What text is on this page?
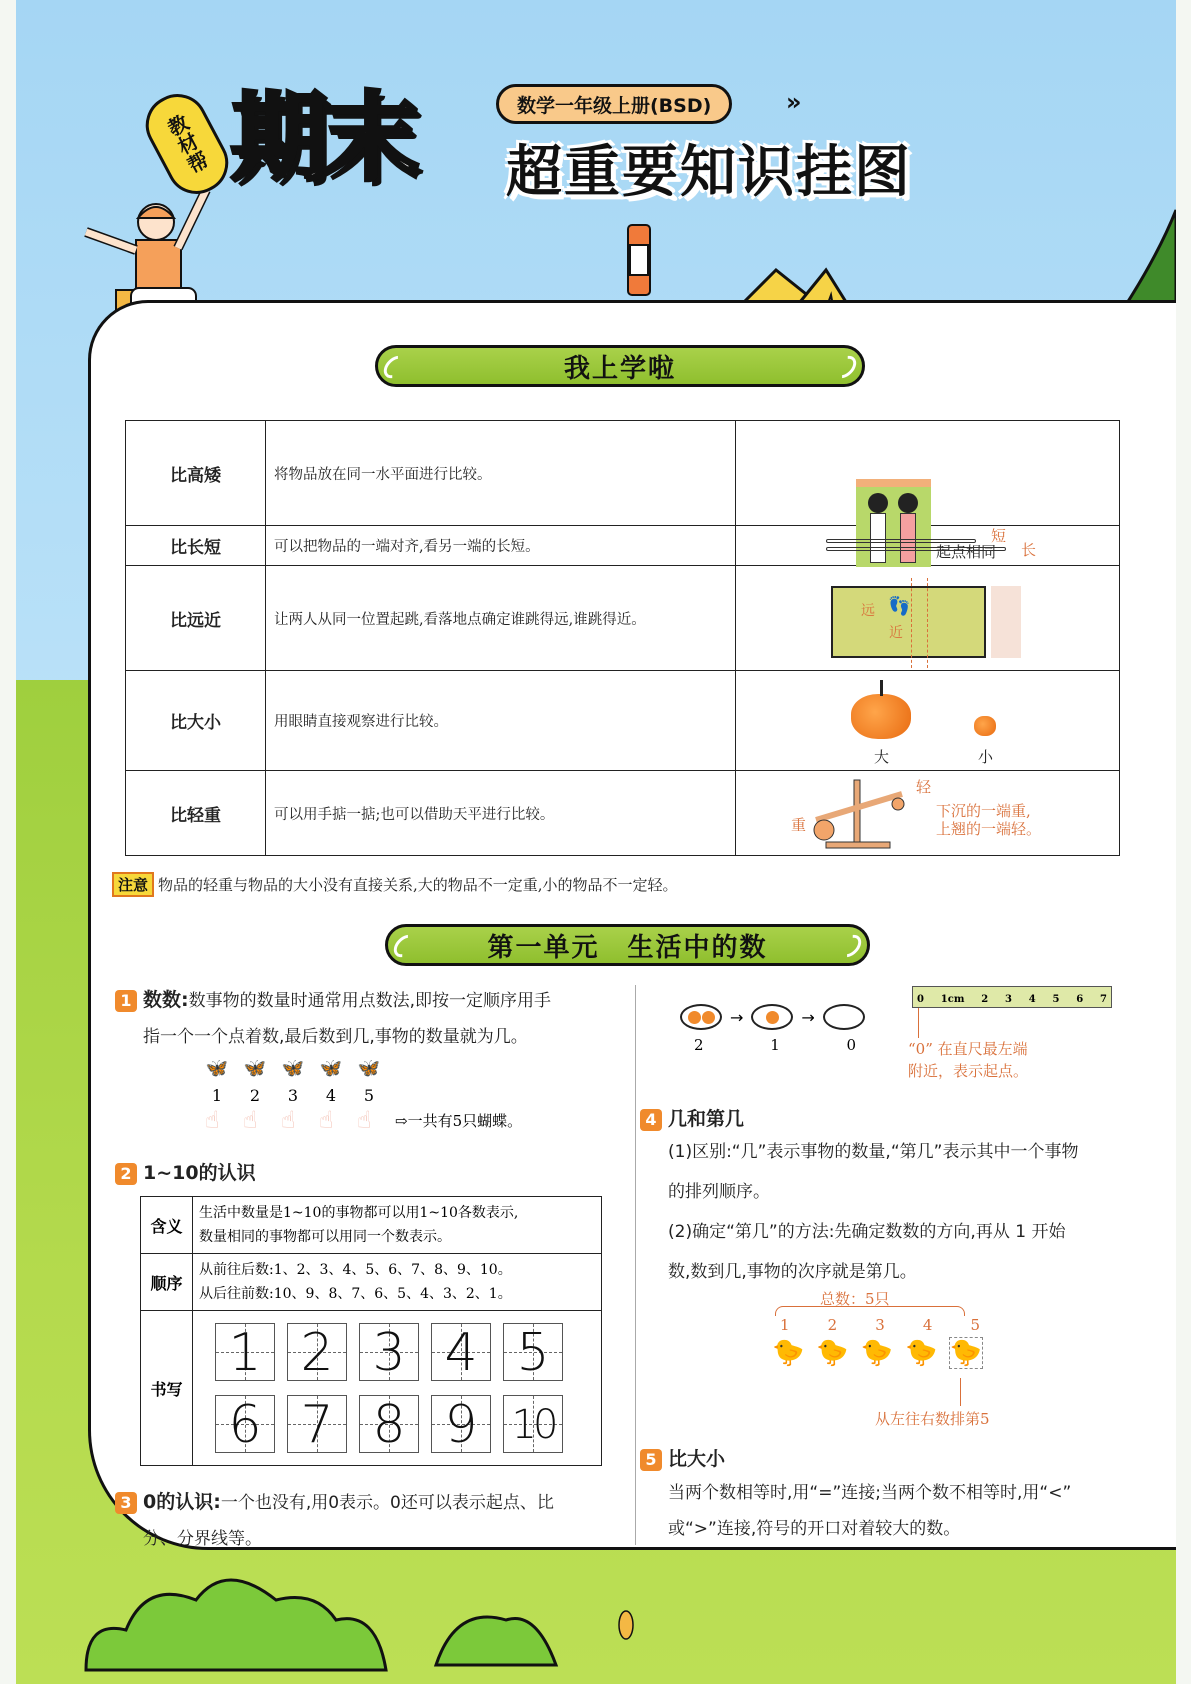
教材帮 期末	数学一年级上册(BSD)	»
超重要知识挂图
我上学啦
比高矮	将物品放在同一水平面进行比较。	起点相同

比长短	可以把物品的一端对齐,看另一端的长短。	短
长

比远近	让两人从同一位置起跳,看落地点确定谁跳得远,谁跳得近。	远
近
👣

比大小	用眼睛直接观察进行比较。	大 小

比轻重	可以用手掂一掂;也可以借助天平进行比较。	重
轻
下沉的一端重,
上翘的一端轻。
注意 物品的轻重与物品的大小没有直接关系,大的物品不一定重,小的物品不一定轻。
第一单元　生活中的数
1 数数:数事物的数量时通常用点数法,即按一定顺序用手
指一个一个点着数,最后数到几,事物的数量就为几。
🦋 🦋 🦋 🦋 🦋
1	2	3	4	5
☝ ☝ ☝ ☝ ☝	⇨一共有5只蝴蝶。
2 1~10的认识
含义	生活中数量是1~10的事物都可以用1~10各数表示,
数量相同的事物都可以用同一个数表示。

顺序	从前往后数:1、2、3、4、5、6、7、8、9、10。
从后往前数:10、9、8、7、6、5、4、3、2、1。

书写	
1 2 3 4 5
6 7 8 9 10
3 0的认识:一个也没有,用0表示。0还可以表示起点、比
分、分界线等。
→	→
2	1	0
0 1cm 2 3 4 5 6 7
“0” 在直尺最左端
附近，表示起点。
4 几和第几
(1)区别:“几”表示事物的数量,“第几”表示其中一个事物
的排列顺序。
(2)确定“第几”的方法:先确定数数的方向,再从 1 开始
数,数到几,事物的次序就是第几。
总数：5只
1	2	3	4	5
🐤 🐤 🐤 🐤 🐤
从左往右数排第5
5 比大小
当两个数相等时,用“=”连接;当两个数不相等时,用“<”
或“>”连接,符号的开口对着较大的数。
